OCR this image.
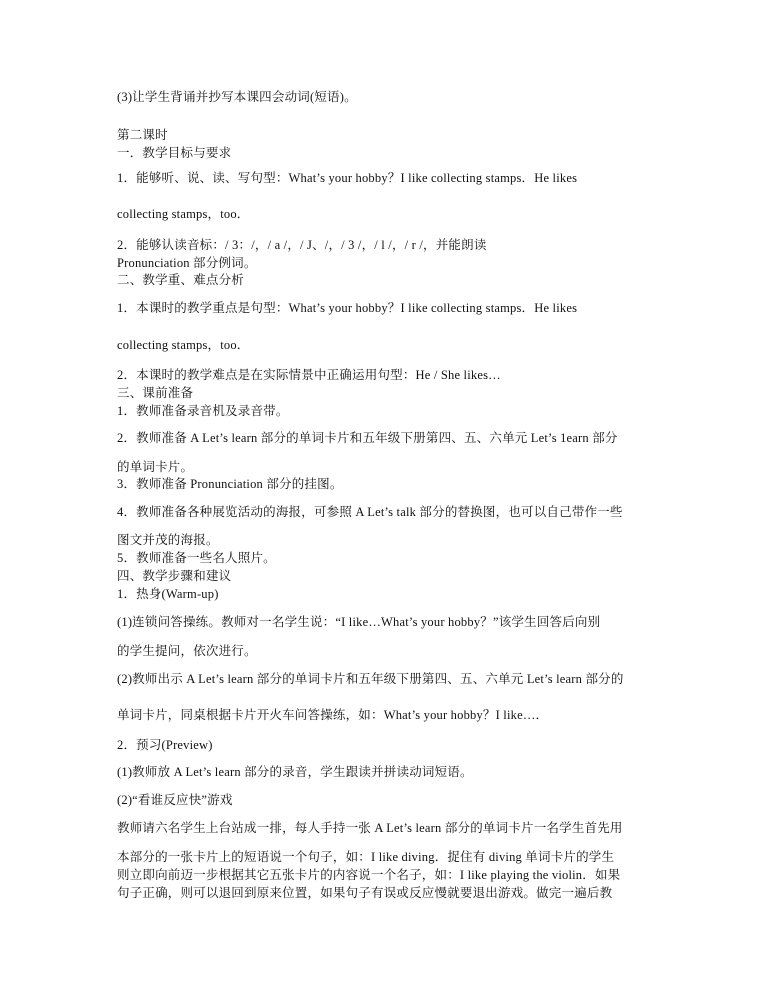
(3)让学生背诵并抄写本课四会动词(短语)。
第二课时
一．教学目标与要求
1．能够听、说、读、写句型：What’s your hobby？I like collecting stamps．He likes
collecting stamps，too．
2．能够认读音标：/ 3：/，/ a /，/ J、/，/ 3 /，/ l /，/ r /，并能朗读
Pronunciation 部分例词。
二、教学重、难点分析
1．本课时的教学重点是句型：What’s your hobby？I like collecting stamps．He likes
collecting stamps，too．
2．本课时的教学难点是在实际情景中正确运用句型：He / She likes…
三、课前准备
1．教师准备录音机及录音带。
2．教师准备 A Let’s learn 部分的单词卡片和五年级下册第四、五、六单元 Let’s 1earn 部分
的单词卡片。
3．教师准备 Pronunciation 部分的挂图。
4．教师准备各种展览活动的海报，可参照 A Let’s talk 部分的替换图，也可以自己带作一些
图文并茂的海报。
5．教师准备一些名人照片。
四、教学步骤和建议
1．热身(Warm-up)
(1)连锁问答操练。教师对一名学生说：“I like…What’s your hobby？”该学生回答后向别
的学生提问，依次进行。
(2)教师出示 A Let’s learn 部分的单词卡片和五年级下册第四、五、六单元 Let’s learn 部分的
单词卡片，同桌根据卡片开火车问答操练，如：What’s your hobby？I like…．
2．预习(Preview)
(1)教师放 A Let’s learn 部分的录音，学生跟读并拼读动词短语。
(2)“看谁反应快”游戏
教师请六名学生上台站成一排，每人手持一张 A Let’s learn 部分的单词卡片一名学生首先用
本部分的一张卡片上的短语说一个句子，如：I like diving．捉住有 diving 单词卡片的学生
则立即向前迈一步根据其它五张卡片的内容说一个名子，如：I like playing the violin．如果
句子正确，则可以退回到原来位置，如果句子有误或反应慢就要退出游戏。做完一遍后教
